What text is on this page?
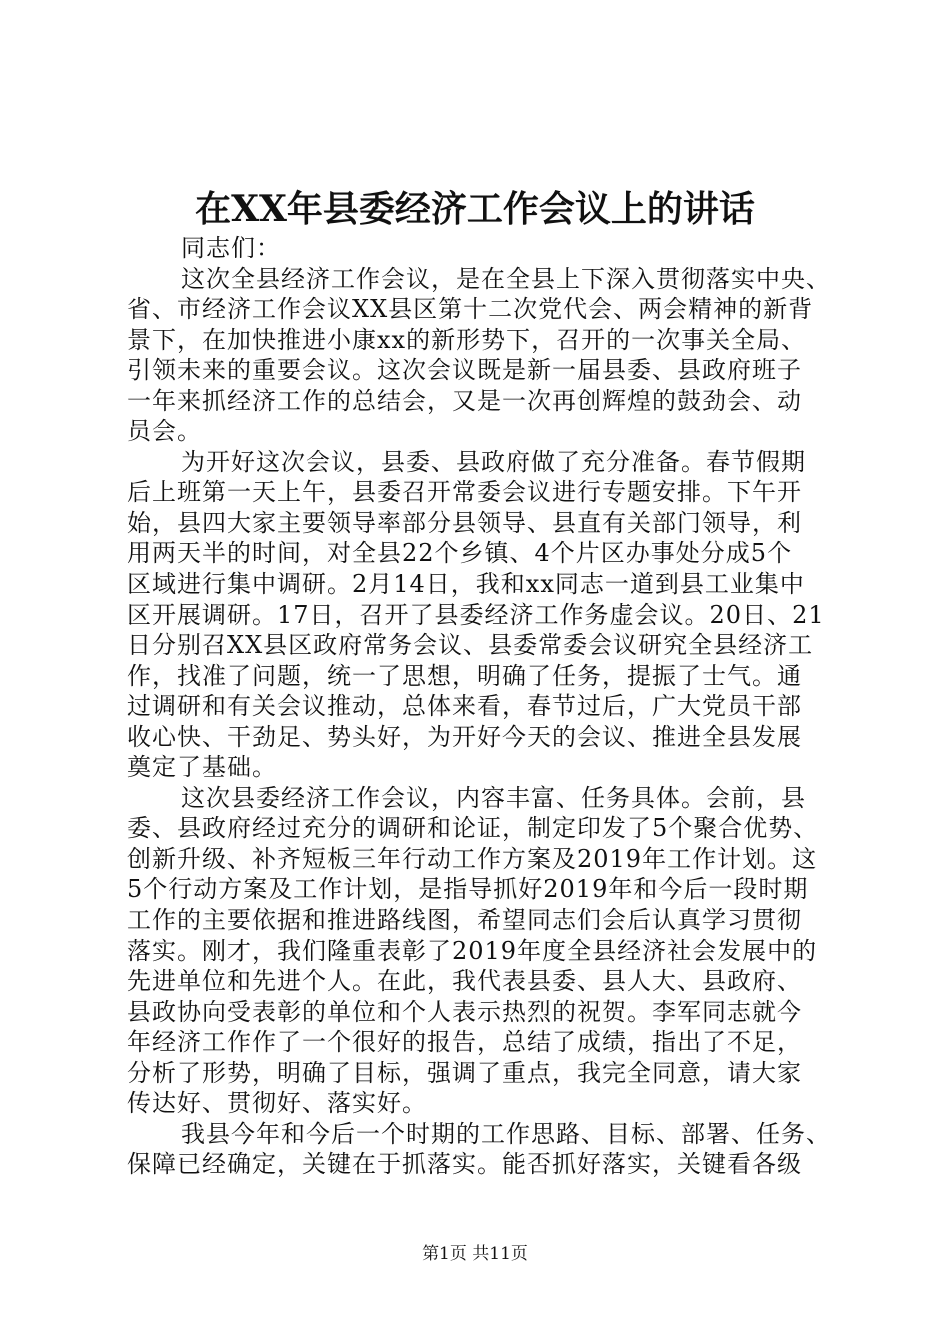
在XX年县委经济工作会议上的讲话
同志们：
这次全县经济工作会议，是在全县上下深入贯彻落实中央、
省、市经济工作会议XX县区第十二次党代会、两会精神的新背
景下，在加快推进小康xx的新形势下，召开的一次事关全局、
引领未来的重要会议。这次会议既是新一届县委、县政府班子
一年来抓经济工作的总结会，又是一次再创辉煌的鼓劲会、动
员会。
为开好这次会议，县委、县政府做了充分准备。春节假期
后上班第一天上午，县委召开常委会议进行专题安排。下午开
始，县四大家主要领导率部分县领导、县直有关部门领导，利
用两天半的时间，对全县22个乡镇、4个片区办事处分成5个
区域进行集中调研。2月14日，我和xx同志一道到县工业集中
区开展调研。17日，召开了县委经济工作务虚会议。20日、21
日分别召XX县区政府常务会议、县委常委会议研究全县经济工
作，找准了问题，统一了思想，明确了任务，提振了士气。通
过调研和有关会议推动，总体来看，春节过后，广大党员干部
收心快、干劲足、势头好，为开好今天的会议、推进全县发展
奠定了基础。
这次县委经济工作会议，内容丰富、任务具体。会前，县
委、县政府经过充分的调研和论证，制定印发了5个聚合优势、
创新升级、补齐短板三年行动工作方案及2019年工作计划。这
5个行动方案及工作计划，是指导抓好2019年和今后一段时期
工作的主要依据和推进路线图，希望同志们会后认真学习贯彻
落实。刚才，我们隆重表彰了2019年度全县经济社会发展中的
先进单位和先进个人。在此，我代表县委、县人大、县政府、
县政协向受表彰的单位和个人表示热烈的祝贺。李军同志就今
年经济工作作了一个很好的报告，总结了成绩，指出了不足，
分析了形势，明确了目标，强调了重点，我完全同意，请大家
传达好、贯彻好、落实好。
我县今年和今后一个时期的工作思路、目标、部署、任务、
保障已经确定，关键在于抓落实。能否抓好落实，关键看各级
第1页 共11页
